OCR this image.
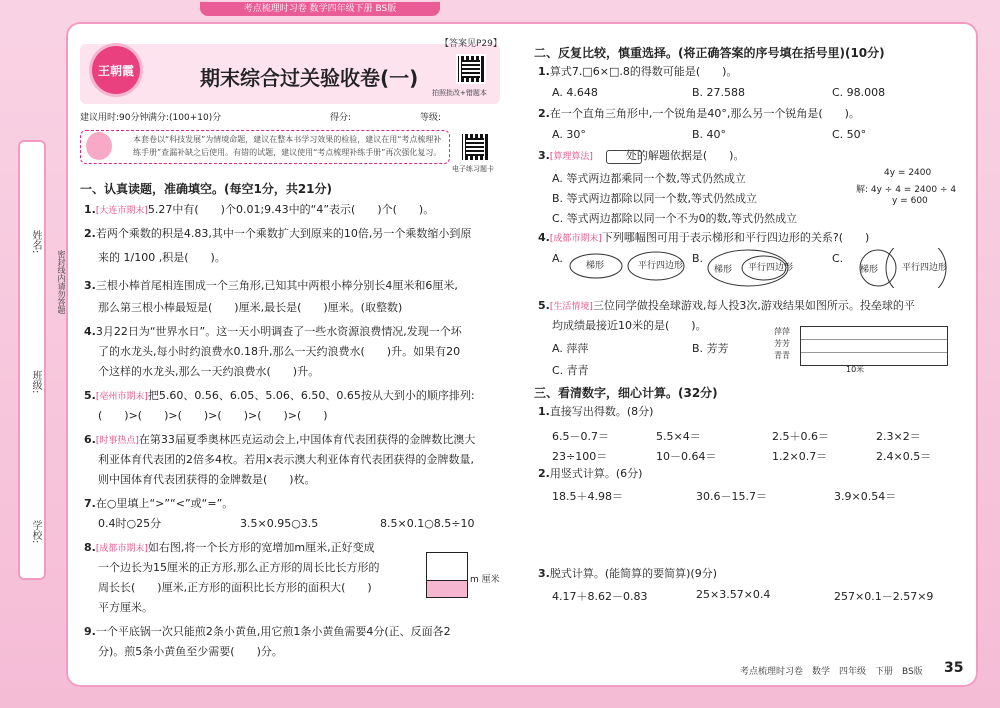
考点梳理时习卷 数学四年级下册 BS版
姓名:
班级:
学校:
密封线内请勿答题
王朝霞	期末综合过关验收卷(一)
【答案见P29】
拍照批改+错题本
建议用时:90分钟 满分:(100+10)分	得分:	等级:
本套卷以“科技发展”为情境命题，建议在整本书学习效果的检验，建议在用“考点梳理补练手册”查漏补缺之后使用。有错的试题，建议使用“考点梳理补练手册”再次强化复习。
电子练习题卡
一、认真读题，准确填空。(每空1分，共21分)
1.[大连市期末]5.27中有(　　)个0.01;9.43中的“4”表示(　　)个(　　)。
2.若两个乘数的积是4.83,其中一个乘数扩大到原来的10倍,另一个乘数缩小到原
来的 1/100 ,积是(　　)。
3.三根小棒首尾相连围成一个三角形,已知其中两根小棒分别长4厘米和6厘米,
那么第三根小棒最短是(　　)厘米,最长是(　　)厘米。(取整数)
4.3月22日为“世界水日”。这一天小明调查了一些水资源浪费情况,发现一个坏
了的水龙头,每小时约浪费水0.18升,那么一天约浪费水(　　)升。如果有20
个这样的水龙头,那么一天约浪费水(　　)升。
5.[亳州市期末]把5.60、0.56、6.05、5.06、6.50、0.65按从大到小的顺序排列:
(　　)>(　　)>(　　)>(　　)>(　　)>(　　)
6.[时事热点]在第33届夏季奥林匹克运动会上,中国体育代表团获得的金牌数比澳大
利亚体育代表团的2倍多4枚。若用x表示澳大利亚体育代表团获得的金牌数量,
则中国体育代表团获得的金牌数是(　　)枚。
7.在○里填上“>”“<”或“=”。
0.4时○25分	3.5×0.95○3.5	8.5×0.1○8.5÷10
8.[成都市期末]如右图,将一个长方形的宽增加m厘米,正好变成
一个边长为15厘米的正方形,那么正方形的周长比长方形的
周长长(　　)厘米,正方形的面积比长方形的面积大(　　)
平方厘米。
m 厘米
9.一个平底锅一次只能煎2条小黄鱼,用它煎1条小黄鱼需要4分(正、反面各2
分)。煎5条小黄鱼至少需要(　　)分。
二、反复比较，慎重选择。(将正确答案的序号填在括号里)(10分)
1.算式7.□6×□.8的得数可能是(　　)。
A. 4.648	B. 27.588	C. 98.008
2.在一个直角三角形中,一个锐角是40°,那么另一个锐角是(　　)。
A. 30°	B. 40°	C. 50°
3.[算理算法]　　　处的解题依据是(　　)。
A. 等式两边都乘同一个数,等式仍然成立
B. 等式两边都除以同一个数,等式仍然成立
C. 等式两边都除以同一个不为0的数,等式仍然成立
4y = 2400
解: 4y ÷ 4 = 2400 ÷ 4
y = 600
4.[成都市期末]下列哪幅图可用于表示梯形和平行四边形的关系?(　　)
A.	B.	C.
梯形	平行四边形	梯形 平行四边形	梯形	平行四边形
5.[生活情境]三位同学做投垒球游戏,每人投3次,游戏结果如图所示。投垒球的平
均成绩最接近10米的是(　　)。
A. 萍萍	B. 芳芳
C. 青青
萍萍
芳芳
青青
10米
三、看清数字，细心计算。(32分)
1.直接写出得数。(8分)
6.5－0.7＝	5.5×4＝	2.5＋0.6＝	2.3×2＝
23÷100＝	10－0.64＝	1.2×0.7＝	2.4×0.5＝
2.用竖式计算。(6分)
18.5＋4.98＝	30.6－15.7＝	3.9×0.54＝
3.脱式计算。(能简算的要简算)(9分)
4.17＋8.62－0.83	25×3.57×0.4	257×0.1－2.57×9
考点梳理时习卷　数学　四年级　下册　BS版 35
